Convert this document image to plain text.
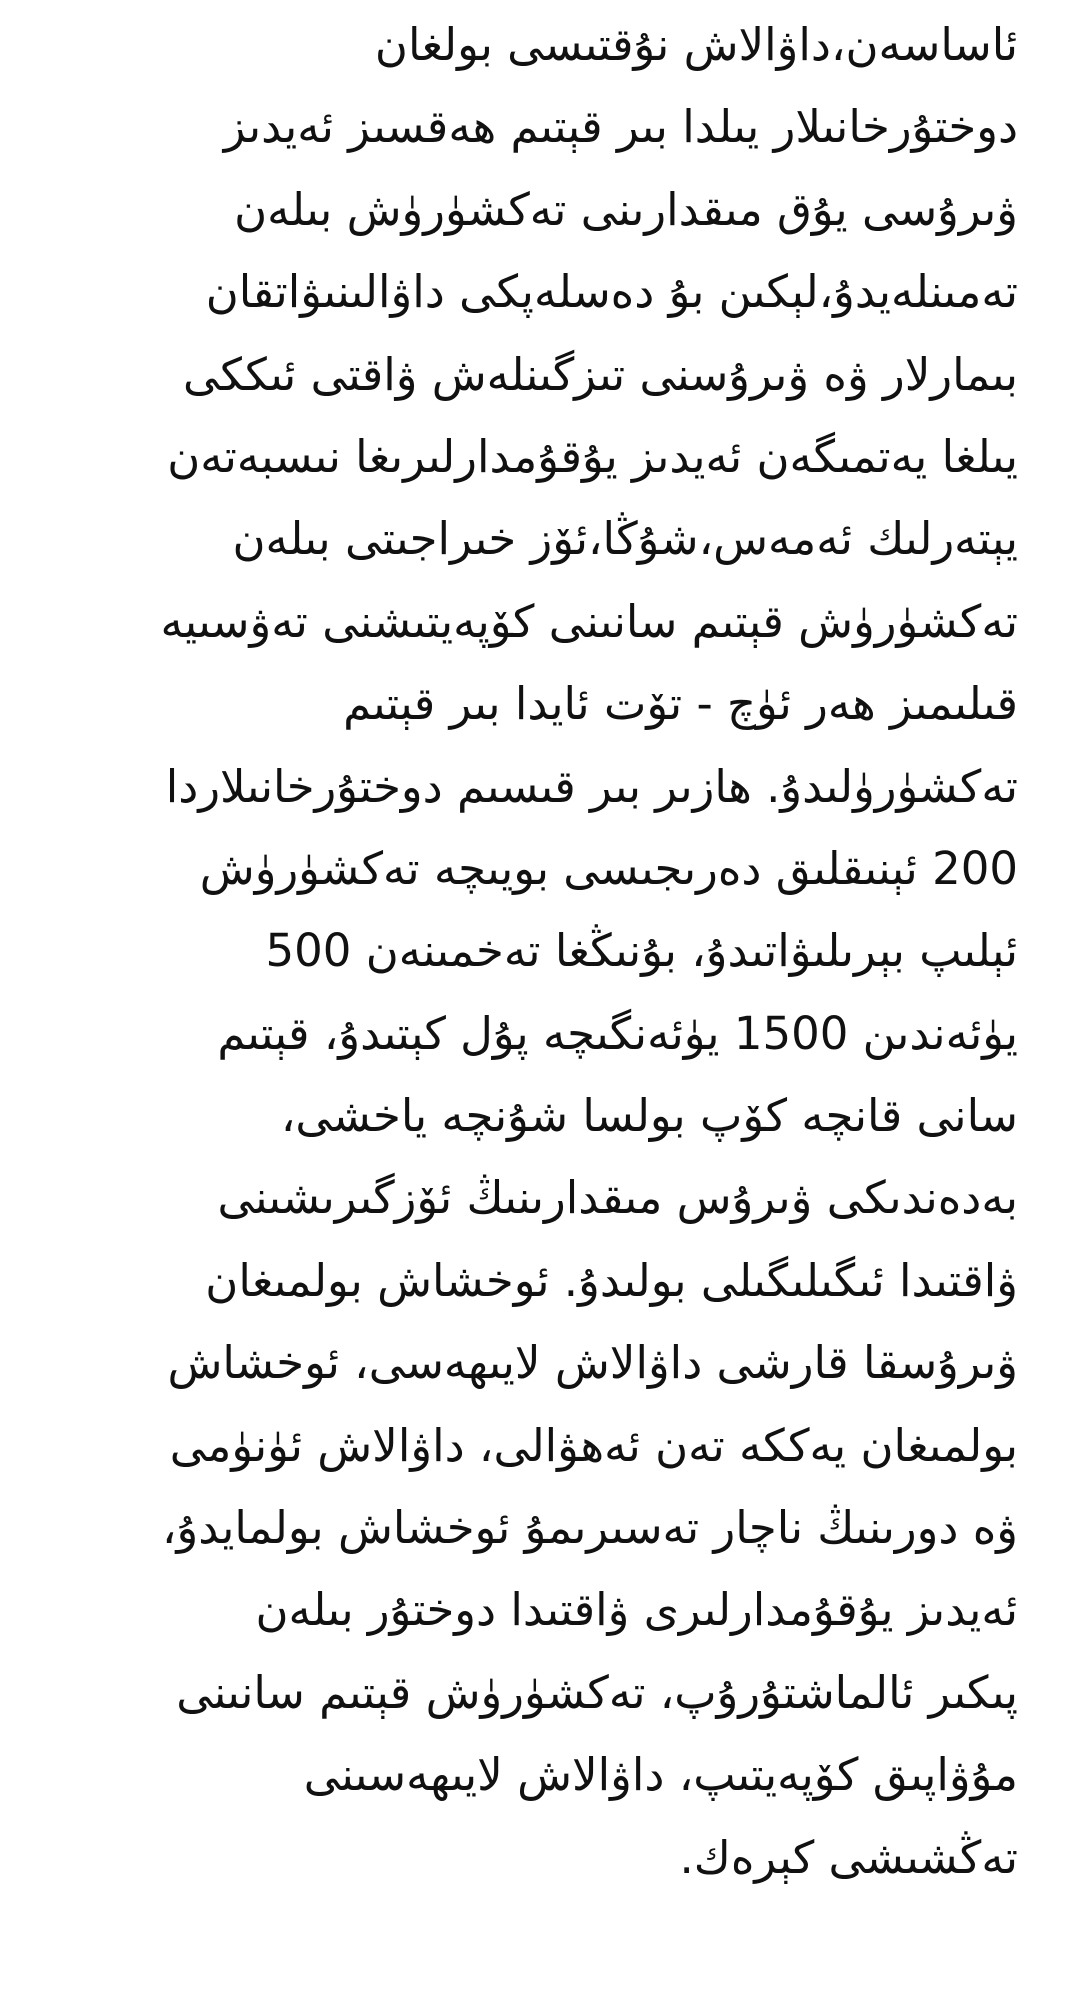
ئاساسەن،داۋالاش نۇقتىسى بولغان
دوختۇرخانىلار يىلدا بىر قېتىم ھەقسىز ئەيدىز
ۋىرۇسى يۇق مىقدارىنى تەكشۈرۈش بىلەن
تەمىنلەيدۇ،لېكىن بۇ دەسلەپكى داۋالىنىۋاتقان
بىمارلار ۋە ۋىرۇسنى تىزگىنلەش ۋاقتى ئىككى
يىلغا يەتمىگەن ئەيدىز يۇقۇمدارلىرىغا نىسبەتەن
يېتەرلىك ئەمەس،شۇڭا،ئۆز خىراجىتى بىلەن
تەكشۈرۈش قېتىم سانىنى كۆپەيتىشنى تەۋسىيە
قىلىمىز ھەر ئۈچ - تۆت ئايدا بىر قېتىم
تەكشۈرۈلىدۇ. ھازىر بىر قىسىم دوختۇرخانىلاردا
200 ئېنىقلىق دەرىجىسى بويىچە تەكشۈرۈش
ئېلىپ بېرىلىۋاتىدۇ، بۇنىڭغا تەخمىنەن 500
يۈئەندىن 1500 يۈئەنگىچە پۇل كېتىدۇ، قېتىم
سانى قانچە كۆپ بولسا شۇنچە ياخشى،
بەدەندىكى ۋىرۇس مىقدارىنىڭ ئۆزگىرىشىنى
ۋاقتىدا ئىگىلىگىلى بولىدۇ. ئوخشاش بولمىغان
ۋىرۇسقا قارشى داۋالاش لايىھەسى، ئوخشاش
بولمىغان يەككە تەن ئەھۋالى، داۋالاش ئۈنۈمى
ۋە دورىنىڭ ناچار تەسىرىمۇ ئوخشاش بولمايدۇ،
ئەيدىز يۇقۇمدارلىرى ۋاقتىدا دوختۇر بىلەن
پىكىر ئالماشتۇرۇپ، تەكشۈرۈش قېتىم سانىنى
مۇۋاپىق كۆپەيتىپ، داۋالاش لايىھەسىنى
تەڭشىشى كېرەك.
